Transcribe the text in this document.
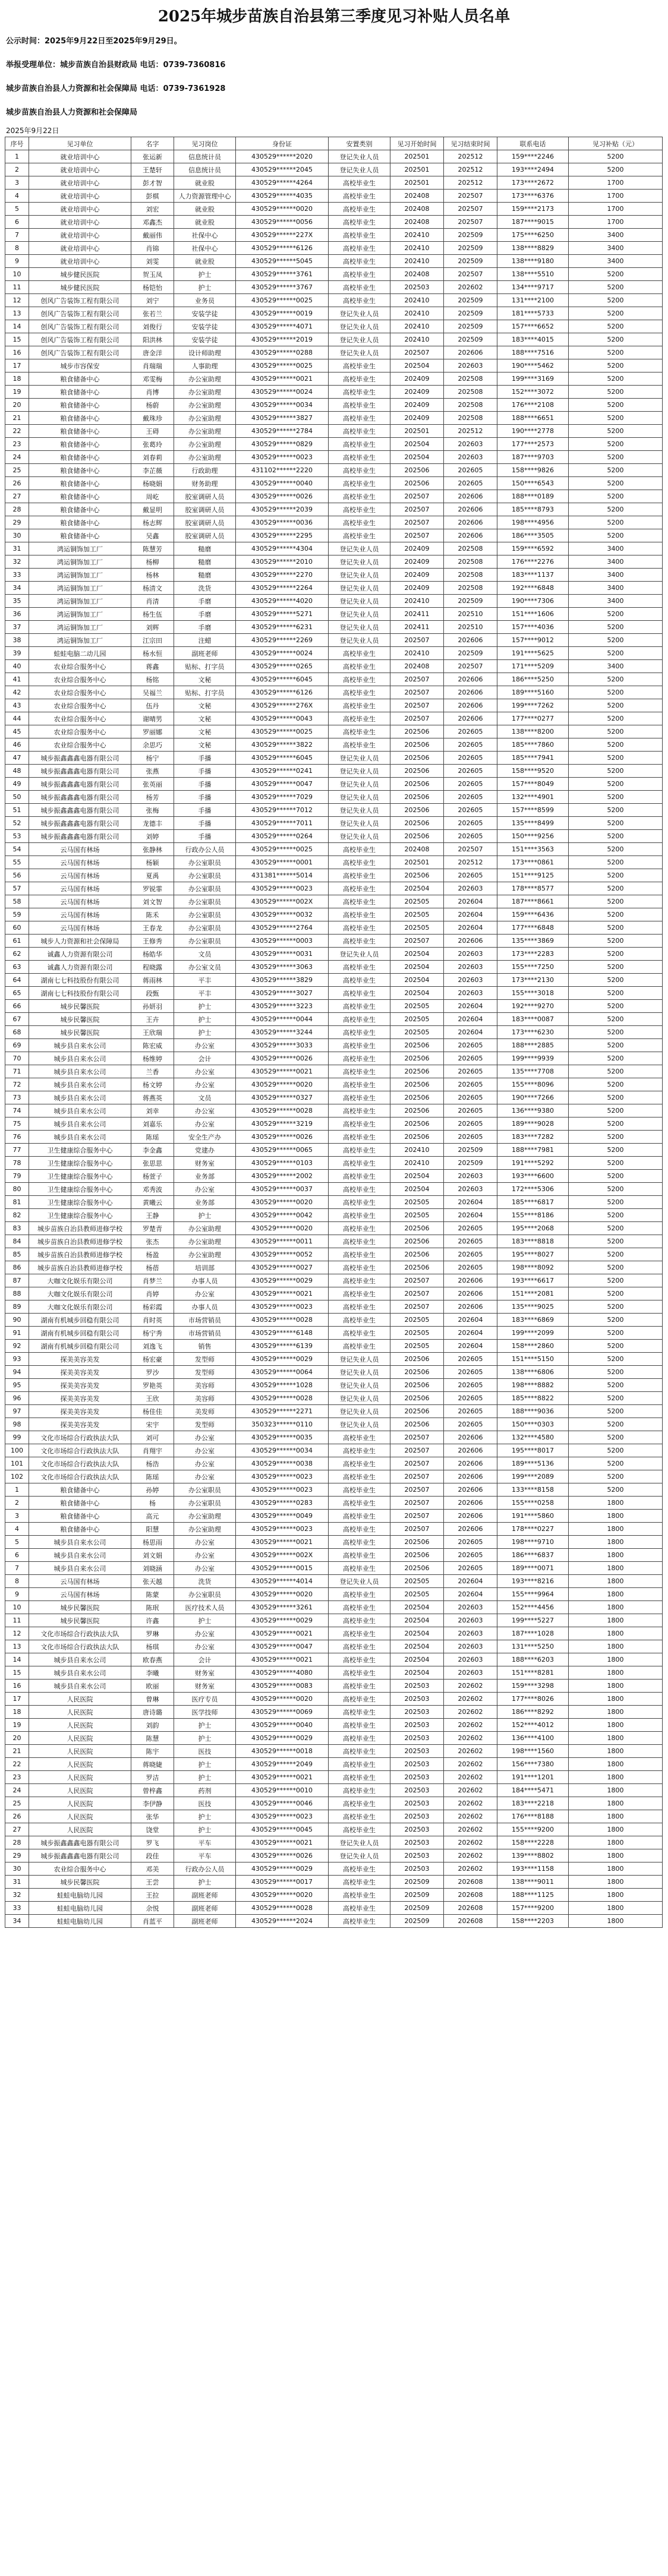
2025年城步苗族自治县第三季度见习补贴人员名单
公示时间：2025年9月22日至2025年9月29日。
举报受理单位：城步苗族自治县财政局 电话：0739-7360816
城步苗族自治县人力资源和社会保障局 电话：0739-7361928
城步苗族自治县人力资源和社会保障局
2025年9月22日
序号	见习单位	名字	见习岗位	身份证	安置类别	见习开始时间	见习结束时间	联系电话	见习补贴（元）
1	就业培训中心	张运新	信息统计员	430529******2020	登记失业人员	202501	202512	159****2246	5200
2	就业培训中心	王楚轩	信息统计员	430529******2045	登记失业人员	202501	202512	193****2494	5200
3	就业培训中心	彭才智	就业股	430529******4264	高校毕业生	202501	202512	173****2672	1700
4	就业培训中心	彭棋	人力资源管理中心	430529******4035	高校毕业生	202408	202507	173****6376	1700
5	就业培训中心	刘宏	就业股	430529******0020	高校毕业生	202408	202507	159****2173	1700
6	就业培训中心	邓鑫杰	就业股	430529******0056	高校毕业生	202408	202507	187****9015	1700
7	就业培训中心	戴丽伟	社保中心	430529******227X	高校毕业生	202410	202509	175****6250	3400
8	就业培训中心	肖锦	社保中心	430529******6126	高校毕业生	202410	202509	138****8829	3400
9	就业培训中心	刘雯	就业股	430529******5045	高校毕业生	202410	202509	138****9180	3400
10	城步健民医院	贺玉凤	护士	430529******3761	高校毕业生	202408	202507	138****5510	5200
11	城步健民医院	杨铠怡	护士	430529******3767	高校毕业生	202503	202602	134****9717	5200
12	创风广告装饰工程有限公司	刘宁	业务员	430529******0025	高校毕业生	202410	202509	131****2100	5200
13	创风广告装饰工程有限公司	张若兰	安装学徒	430529******0019	登记失业人员	202410	202509	181****5733	5200
14	创风广告装饰工程有限公司	刘俊行	安装学徒	430529******4071	登记失业人员	202410	202509	157****6652	5200
15	创风广告装饰工程有限公司	阳洪林	安装学徒	430529******2019	登记失业人员	202410	202509	183****4015	5200
16	创风广告装饰工程有限公司	唐金洋	设计师助理	430529******0288	登记失业人员	202507	202606	188****7516	5200
17	城步市容保安	肖瑞瑞	人事助理	430529******0025	高校毕业生	202504	202603	190****5462	5200
18	粮食储备中心	邓雯梅	办公室助理	430529******0021	高校毕业生	202409	202508	199****3169	5200
19	粮食储备中心	肖博	办公室助理	430529******0024	高校毕业生	202409	202508	152****3072	5200
20	粮食储备中心	杨蔚	办公室助理	430529******0034	高校毕业生	202409	202508	176****2108	5200
21	粮食储备中心	戴珠珍	办公室助理	430529******3827	高校毕业生	202409	202508	188****6651	5200
22	粮食储备中心	王碍	办公室助理	430529******2784	高校毕业生	202501	202512	190****2778	5200
23	粮食储备中心	张葛玲	办公室助理	430529******0829	高校毕业生	202504	202603	177****2573	5200
24	粮食储备中心	刘春莉	办公室助理	430529******0023	高校毕业生	202504	202603	187****9703	5200
25	粮食储备中心	李芷薇	行政助理	431102******2220	高校毕业生	202506	202605	158****9826	5200
26	粮食储备中心	杨晓娟	财务助理	430529******0040	高校毕业生	202506	202605	150****6543	5200
27	粮食储备中心	周屹	胶室调研人员	430529******0026	高校毕业生	202507	202606	188****0189	5200
28	粮食储备中心	戴显明	胶室调研人员	430529******2039	高校毕业生	202507	202606	185****8793	5200
29	粮食储备中心	杨志辉	胶室调研人员	430529******0036	高校毕业生	202507	202606	198****4956	5200
30	粮食储备中心	吴鑫	胶室调研人员	430529******2295	高校毕业生	202507	202606	186****3505	5200
31	鸿运铜饰加工厂	陈慧芳	糙磨	430529******4304	登记失业人员	202409	202508	159****6592	3400
32	鸿运铜饰加工厂	杨柳	糙磨	430529******2010	登记失业人员	202409	202508	176****2276	3400
33	鸿运铜饰加工厂	杨林	糙磨	430529******2270	登记失业人员	202409	202508	183****1137	3400
34	鸿运铜饰加工厂	杨清文	洗货	430529******2264	登记失业人员	202409	202508	192****6848	3400
35	鸿运铜饰加工厂	肖清	手磨	430529******4020	登记失业人员	202410	202509	190****7306	3400
36	鸿运铜饰加工厂	杨生伍	手磨	430529******5271	登记失业人员	202411	202510	151****1606	5200
37	鸿运铜饰加工厂	刘辉	手磨	430529******6231	登记失业人员	202411	202510	157****4036	5200
38	鸿运铜饰加工厂	江宗田	注蜡	430529******2269	登记失业人员	202507	202606	157****9012	5200
39	蛙蛙电脑二动儿园	杨水恒	副班老师	430529******0024	高校毕业生	202410	202509	191****5625	5200
40	农业综合服务中心	蒋鑫	贴标、打字员	430529******0265	高校毕业生	202408	202507	171****5209	3400
41	农业综合服务中心	杨铭	文秘	430529******6045	高校毕业生	202507	202606	186****5250	5200
42	农业综合服务中心	吴福兰	贴标、打字员	430529******6126	高校毕业生	202507	202606	189****5160	5200
43	农业综合服务中心	伍丹	文秘	430529******276X	高校毕业生	202507	202606	199****7262	5200
44	农业综合服务中心	谢晴男	文秘	430529******0043	高校毕业生	202507	202606	177****0277	5200
45	农业综合服务中心	罗丽娜	文秘	430529******0025	高校毕业生	202506	202605	138****8200	5200
46	农业综合服务中心	余思巧	文秘	430529******3822	高校毕业生	202506	202605	185****7860	5200
47	城步振鑫鑫鑫电器有限公司	杨宁	手播	430529******6045	登记失业人员	202506	202605	185****7941	5200
48	城步振鑫鑫鑫电器有限公司	张燕	手播	430529******0241	登记失业人员	202506	202605	158****9520	5200
49	城步振鑫鑫鑫电器有限公司	张英丽	手播	430529******0047	登记失业人员	202506	202605	157****8049	5200
50	城步振鑫鑫鑫电器有限公司	杨芳	手播	430529******7029	登记失业人员	202506	202605	132****4901	5200
51	城步振鑫鑫鑫电器有限公司	张梅	手播	430529******7012	登记失业人员	202506	202605	157****8599	5200
52	城步振鑫鑫鑫电器有限公司	龙德丰	手播	430529******7011	登记失业人员	202506	202605	135****8499	5200
53	城步振鑫鑫鑫电器有限公司	刘婷	手播	430529******0264	登记失业人员	202506	202605	150****9256	5200
54	云马国有林场	张静林	行政办公人员	430529******0025	高校毕业生	202408	202507	151****3563	5200
55	云马国有林场	杨颖	办公室职员	430529******0001	高校毕业生	202501	202512	173****0861	5200
56	云马国有林场	夏禹	办公室职员	431381******5014	高校毕业生	202506	202605	151****9125	5200
57	云马国有林场	罗锐霏	办公室职员	430529******0023	高校毕业生	202504	202603	178****8577	5200
58	云马国有林场	刘文智	办公室职员	430529******002X	高校毕业生	202505	202604	187****8661	5200
59	云马国有林场	陈禾	办公室职员	430529******0032	高校毕业生	202505	202604	159****6436	5200
60	云马国有林场	王春龙	办公室职员	430529******2764	高校毕业生	202505	202604	177****6848	5200
61	城步人力资源和社会保障局	王修秀	办公室职员	430529******0003	高校毕业生	202507	202606	135****3869	5200
62	诚鑫人力资源有限公司	杨皓华	文员	430529******0031	登记失业人员	202504	202603	173****2283	5200
63	诚鑫人力资源有限公司	程晓露	办公室文员	430529******3063	高校毕业生	202504	202603	155****7250	5200
64	湖南七七科技股份有限公司	蒋雨林	平丰	430529******3829	高校毕业生	202504	202603	173****2130	5200
65	湖南七七科技股份有限公司	段甄	平丰	430529******3027	高校毕业生	202504	202603	155****3018	5200
66	城步民馨医院	孙妍羽	护士	430529******3223	高校毕业生	202505	202604	192****9270	5200
67	城步民馨医院	王卉	护士	430529******0044	高校毕业生	202505	202604	183****0087	5200
68	城步民馨医院	王欣瑞	护士	430529******3244	高校毕业生	202505	202604	173****6230	5200
69	城步县自来水公司	陈宏威	办公室	430529******3033	高校毕业生	202506	202605	188****2885	5200
70	城步县自来水公司	杨维婷	会计	430529******0026	高校毕业生	202506	202605	199****9939	5200
71	城步县自来水公司	兰香	办公室	430529******0021	高校毕业生	202506	202605	135****7708	5200
72	城步县自来水公司	杨文婷	办公室	430529******0020	高校毕业生	202506	202605	155****8096	5200
73	城步县自来水公司	蒋燕英	文员	430529******0327	高校毕业生	202506	202605	190****7266	5200
74	城步县自来水公司	刘幸	办公室	430529******0028	高校毕业生	202506	202605	136****9380	5200
75	城步县自来水公司	刘嘉乐	办公室	430529******3219	高校毕业生	202506	202605	189****9028	5200
76	城步县自来水公司	陈瑶	安全生产办	430529******0026	高校毕业生	202506	202605	183****7282	5200
77	卫生健康综合服务中心	李金鑫	党建办	430529******0065	高校毕业生	202410	202509	188****7981	5200
78	卫生健康综合服务中心	张思思	财务室	430529******0103	高校毕业生	202410	202509	191****5292	5200
79	卫生健康综合服务中心	杨萱子	业务部	430529******2002	高校毕业生	202504	202603	193****6600	5200
80	卫生健康综合服务中心	邓秀波	办公室	430529******0037	高校毕业生	202504	202603	172****5306	5200
81	卫生健康综合服务中心	黄曦云	业务部	430529******0020	高校毕业生	202505	202604	185****6817	5200
82	卫生健康综合服务中心	王静	护士	430529******0042	高校毕业生	202505	202604	155****8186	5200
83	城步苗族自治县教师进修学校	罗楚青	办公室助理	430529******0020	高校毕业生	202506	202605	195****2068	5200
84	城步苗族自治县教师进修学校	张杰	办公室助理	430529******0011	高校毕业生	202506	202605	183****8818	5200
85	城步苗族自治县教师进修学校	杨盈	办公室助理	430529******0052	高校毕业生	202506	202605	195****8027	5200
86	城步苗族自治县教师进修学校	杨蓓	培训部	430529******0027	高校毕业生	202506	202605	198****8092	5200
87	大咖文化娱乐有限公司	肖梦兰	办事人员	430529******0029	高校毕业生	202507	202606	193****6617	5200
88	大咖文化娱乐有限公司	肖婷	办公室	430529******0021	高校毕业生	202507	202606	151****2081	5200
89	大咖文化娱乐有限公司	杨彩霞	办事人员	430529******0023	高校毕业生	202507	202606	135****9025	5200
90	湖南有机城步回稳有限公司	肖时英	市场营销员	430529******0028	高校毕业生	202505	202604	183****6869	5200
91	湖南有机城步回稳有限公司	杨宁秀	市场营销员	430529******6148	高校毕业生	202505	202604	199****2099	5200
92	湖南有机城步回稳有限公司	刘逸飞	销售	430529******6139	高校毕业生	202505	202604	158****2860	5200
93	探美美容美发	杨宏豪	发型师	430529******0029	登记失业人员	202506	202605	151****5150	5200
94	探美美容美发	罗沙	发型师	430529******0064	登记失业人员	202506	202605	138****6806	5200
95	探美美容美发	罗艳英	美容师	430529******1028	登记失业人员	202506	202605	198****8882	5200
96	探美美容美发	王欣	美容师	430529******0028	登记失业人员	202506	202605	185****8822	5200
97	探美美容美发	杨佳佳	美发师	430529******2271	登记失业人员	202506	202605	188****9036	5200
98	探美美容美发	宋宇	发型师	350323******0110	登记失业人员	202506	202605	150****0303	5200
99	文化市场综合行政执法大队	刘可	办公室	430529******0035	高校毕业生	202507	202606	132****4580	5200
100	文化市场综合行政执法大队	肖翔宇	办公室	430529******0034	高校毕业生	202507	202606	195****8017	5200
101	文化市场综合行政执法大队	杨浩	办公室	430529******0038	高校毕业生	202507	202606	189****5136	5200
102	文化市场综合行政执法大队	陈瑶	办公室	430529******0023	高校毕业生	202507	202606	199****2089	5200
1	粮食储备中心	孙婷	办公室职员	430529******0023	高校毕业生	202507	202606	133****8158	5200
2	粮食储备中心	杨	办公室职员	430529******0283	高校毕业生	202507	202606	155****0258	1800
3	粮食储备中心	高元	办公室助理	430529******0049	高校毕业生	202507	202606	191****5860	1800
4	粮食储备中心	阳慧	办公室助理	430529******0023	高校毕业生	202507	202606	178****0227	1800
5	城步县自来水公司	杨思雨	办公室	430529******0021	高校毕业生	202506	202605	198****9710	1800
6	城步县自来水公司	刘文娟	办公室	430529******002X	高校毕业生	202506	202605	186****6837	1800
7	城步县自来水公司	刘晓涵	办公室	430529******0015	高校毕业生	202506	202605	189****0071	1800
8	云马国有林场	张天越	洗货	430529******4014	登记失业人员	202505	202604	193****8216	1800
9	云马国有林场	陈蒙	办公室职员	430529******0020	高校毕业生	202505	202604	155****9964	1800
10	城步民馨医院	陈珉	医疗技术人员	430529******3261	高校毕业生	202504	202603	152****4456	1800
11	城步民馨医院	许鑫	护士	430529******0029	高校毕业生	202504	202603	199****5227	1800
12	文化市场综合行政执法大队	罗琳	办公室	430529******0021	高校毕业生	202504	202603	187****1028	1800
13	文化市场综合行政执法大队	杨琪	办公室	430529******0047	高校毕业生	202504	202603	131****5250	1800
14	城步县自来水公司	欧春燕	会计	430529******0021	高校毕业生	202504	202603	188****6203	1800
15	城步县自来水公司	李曦	财务室	430529******4080	高校毕业生	202504	202603	151****8281	1800
16	城步县自来水公司	欧丽	财务室	430529******0083	高校毕业生	202503	202602	159****3298	1800
17	人民医院	曾琳	医疗专员	430529******0020	高校毕业生	202503	202602	177****8026	1800
18	人民医院	唐诗璐	医学技师	430529******0069	高校毕业生	202503	202602	186****8292	1800
19	人民医院	刘韵	护士	430529******0040	高校毕业生	202503	202602	152****4012	1800
20	人民医院	陈慧	护士	430529******0029	高校毕业生	202503	202602	136****4100	1800
21	人民医院	陈宇	医技	430529******0018	高校毕业生	202503	202602	198****1560	1800
22	人民医院	蒋晓婕	护士	430529******2049	高校毕业生	202503	202602	156****7380	1800
23	人民医院	罗洁	护士	430529******0021	高校毕业生	202503	202602	191****1201	1800
24	人民医院	曾梓鑫	药剂	430529******0010	高校毕业生	202503	202602	184****5471	1800
25	人民医院	李伊静	医技	430529******0046	高校毕业生	202503	202602	183****2218	1800
26	人民医院	张华	护士	430529******0023	高校毕业生	202503	202602	176****8188	1800
27	人民医院	饶堂	护士	430529******0045	高校毕业生	202503	202602	155****9200	1800
28	城步振鑫鑫鑫电器有限公司	罗飞	平车	430529******0021	登记失业人员	202503	202602	158****2228	1800
29	城步振鑫鑫鑫电器有限公司	段佳	平车	430529******0026	登记失业人员	202503	202602	139****8802	1800
30	农业综合服务中心	邓美	行政办公人员	430529******0029	高校毕业生	202503	202602	193****1158	1800
31	城步民馨医院	王尝	护士	430529******0017	高校毕业生	202509	202608	138****9011	1800
32	蛙蛙电脑幼儿园	王拉	副班老师	430529******0020	高校毕业生	202509	202608	188****1125	1800
33	蛙蛙电脑幼儿园	余悦	副班老师	430529******0028	高校毕业生	202509	202608	157****9200	1800
34	蛙蛙电脑幼儿园	肖蓝平	副班老师	430529******2024	高校毕业生	202509	202608	158****2203	1800
